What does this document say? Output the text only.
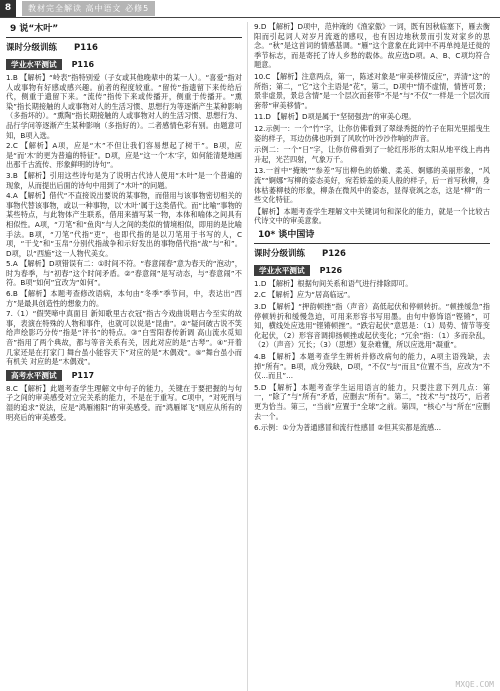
8	教材完全解读 高中语文 必修5
9 说“木叶”
课时分级训练 P116
学业水平测试	P116

1.B 【解析】“岭表”指特别爱（子女或其他晚辈中的某一人）。“喜爱”指对人或事物有好感或感兴趣。前者的程度较重。“留传”指遗留下来传给后代，侧重于遗留下来。“流传”指传下来或传播开，侧重于传播开。“熏染”指长期接触的人或事物对人的生活习惯、思想行为等逐渐产生某种影响（多指坏的）。“熏陶”指长期接触的人或事物对人的生活习惯、思想行为、品行学问等逐渐产生某种影响（多指好的）。二者感情色彩有别。由题意可知，B项入选。

2.C 【解析】A项，应是“木”不但让我们容易想起了树干”。B项，应是“而‘木’的更为普遍的特征”。D项，应是“这一个‘木’字，如何能清楚地画出那千古流传、形象鲜明的诗句”。

3.B 【解析】引用这些诗句是为了说明古代诗人使用“木叶”是一个普遍的现象，从而提出后面的诗句中用到了“木叶”的问题。

4.A 【解析】借代“不直接说出要说的某事物，而借用与该事物密切相关的事物代替该事物，或以一种事物，以‘木叶’属于这类借代。而“比喻”事物的某些特点，与此物体产生联系，借用来描写某一物，本体和喻体之间具有相似性。A项，“刀笔”和“鱼肉”与人之间的类似的情境相似，即用的是比喻手法。B项，“刀笔”代指“吏”，也即代指的是以刀笔用于书写的人，C项，“干戈”和“玉帛”分别代指战争和示好发出的事物借代指“战”与“和”。D项，以“西施”这一人物代美女。

5.A 【解析】D项错误有二：①时间不符。“春意闹春”意为春天的“泡动”，时为春季，与“初春”这个时间矛盾。②“春意闹”是写动态，与“春意闹”不符。B项“如何”宜改为“如何”。

6.B 【解析】本题考查修改语病，本句由“冬季”季节问，中，表达出“西方”是最具创造性的想象力的。

7.（1）“假哭啼中真面目 新知歌里古衣冠”指古今戏曲说唱古今至实的故事，表演在特殊的人物和事件，也就可以说是“昆曲”。②“疑问破古说不笑 给声绘影巧分传”指是“评书”的特点。③“白雪阳春传新调 高山流水觅知音”指用了两个典故，都与等音关系有关，因此对应的是“古琴”。④“开着几家还是在打家门 舞台虽小能容天下”对应的是“木偶戏”。⑤“舞台虽小而有机关 对应的是“木偶戏”。

高考水平测试	P117

8.C 【解析】此题考查学生理解文中句子的能力，关键在于要把握的与句子之间的审美感受对立完关系的能力，不是在于重写。C项中，“对死刑与湿的追求”说法，应是“鸿雁湘阳”的审美感受。而“鸿雁犀飞”则应从所有的明亮后的审美感受。

9.D 【解析】D项中，范仲淹的《渔家傲》一词，既有因秋临塞下，雁去衡阳而引起词人对岁月流逝的感叹，也有因边地秋景而引发对家乡的思念。“秋”是这首词的情感基调。“雁”这个意象在此词中不再单纯是迁徙的季节标志，而是寄托了诗人乡愁的载体。故应选D项。A、B、C项均符合题意。

10.C 【解析】注意两点，第一，陈述对象是“审美移情反应”，弄清“这”的所指；第二，“它”这个主语是“花”，第二，D项中“情不虚情，情皆可景；景非虚景，景总含情”是一个层次而套带“不是”与“不仅”一样是一个层次而套带“审美移情”。

11.D 【解析】D项是属于“坚韧强劲”的审美心理。

12.示例一：一个“竹”字，让你仿佛看到了翠绿秀挺的竹子在阳光里摇曳生姿的样子，耳边仿佛也听到了风吹竹叶沙沙作响的声音。

示例二：一个“日”字，让你仿佛看到了一轮红彤彤的太阳从地平线上冉冉升起，光芒四射，气象万千。

13.一首中“掩映”“参差”写出柳色的娇嫩、柔美、婀娜的美丽形象，“风流”“婀娜”写柳的姿态美好，宛若娇羞的美人般的样子，后一首写秋柳，身体枯萎柳枝的形象，柳条在微风中的姿态，显得衰飒之态，这是“柳”的一些文化特征。

【解析】本题考查学生理解文中关键词句和深化的能力，就是一个比较古代诗文中的审美意象。

10* 谈中国诗
课时分级训练 P126
学业水平测试	P126

1.D 【解析】根据句间关系和语气进行排除即可。

2.C 【解析】应为“居高临远”。

3.D 【解析】“押韵顿挫”指（声音）高低起伏和停顿转折。“顿挫缓急”指停顿转折和缓慢急迫，可用来形容书写用墨。由句中修饰语“铿锵”，可知，横线处应选用“铿锵顿挫”。“跌宕起伏”意思是：（1）局势、情节等变化起伏，（2）形容音调抑扬顿挫或起伏变化；“冗余”指：（1）多而杂乱，（2）（声音）冗长；（3）（思想）复杂难懂，所以应选用“凝重”。

4.B 【解析】本题考查学生辨析并修改病句的能力，A项主语残缺，去掉“所有”。B项，成分残缺，D项，“不仅”与“而且”位置不当，应改为“不仅...而且”...

5.D 【解析】本题考查学生运用语言的能力，只要注意下列几点：第一，“除了”与“所有”矛盾，应删去“所有”。第二，“技术”与“技巧”，后者更为恰当。第三，“当前”应置于“全球”之前。第四，“核心”与“所在”应删去一个。

6.示例：①分为普通感冒和流行性感冒 ②但其实都是流感...

MXQE.COM
